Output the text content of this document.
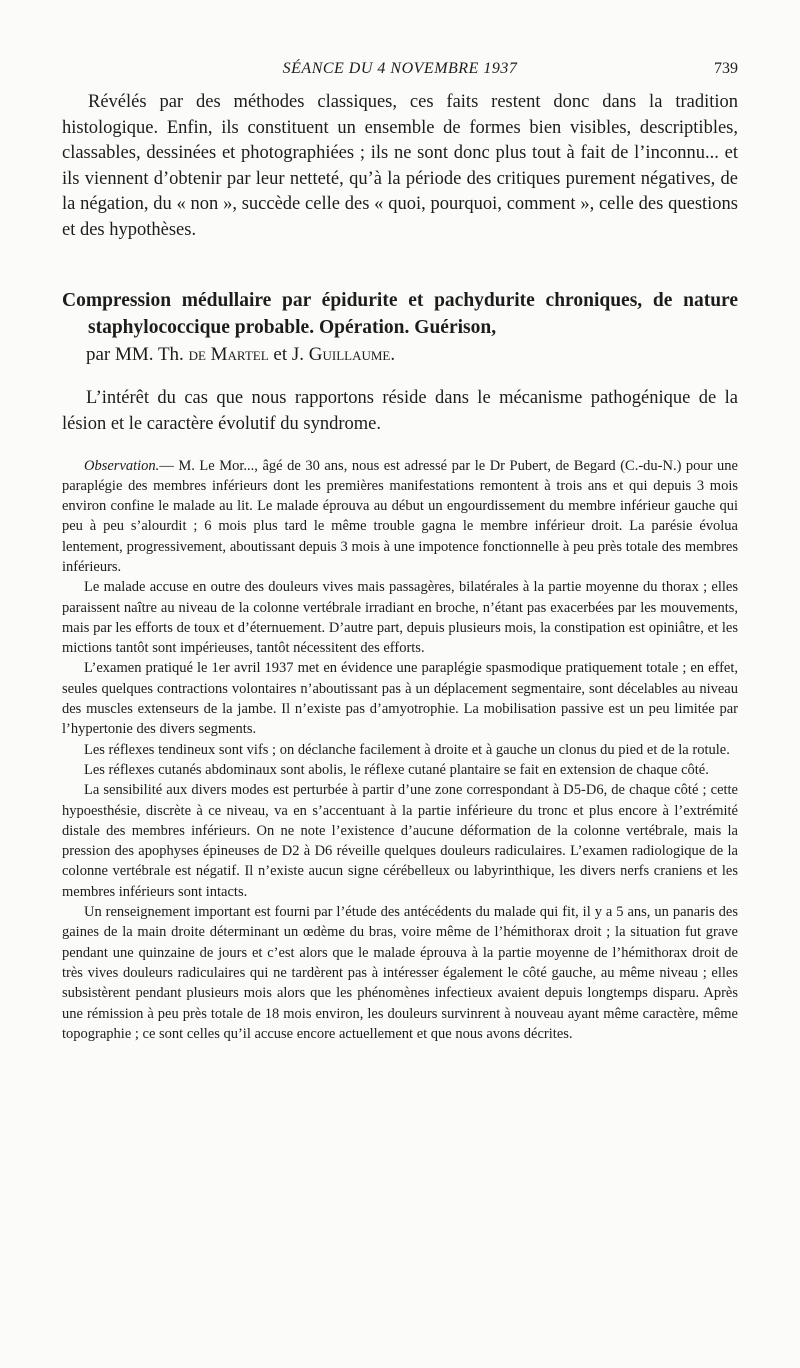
SÉANCE DU 4 NOVEMBRE 1937	739

Révélés par des méthodes classiques, ces faits restent donc dans la tradition histologique. Enfin, ils constituent un ensemble de formes bien visibles, descriptibles, classables, dessinées et photographiées ; ils ne sont donc plus tout à fait de l’inconnu... et ils viennent d’obtenir par leur netteté, qu’à la période des critiques purement négatives, de la négation, du « non », succède celle des « quoi, pourquoi, comment », celle des questions et des hypothèses.

Compression médullaire par épidurite et pachydurite chroniques, de nature staphylococcique probable. Opération. Guérison,
par MM. Th. de Martel et J. Guillaume.

L’intérêt du cas que nous rapportons réside dans le mécanisme pathogénique de la lésion et le caractère évolutif du syndrome.

Observation.— M. Le Mor..., âgé de 30 ans, nous est adressé par le Dr Pubert, de Begard (C.-du-N.) pour une paraplégie des membres inférieurs dont les premières manifestations remontent à trois ans et qui depuis 3 mois environ confine le malade au lit. Le malade éprouva au début un engourdissement du membre inférieur gauche qui peu à peu s’alourdit ; 6 mois plus tard le même trouble gagna le membre inférieur droit. La parésie évolua lentement, progressivement, aboutissant depuis 3 mois à une impotence fonctionnelle à peu près totale des membres inférieurs.

Le malade accuse en outre des douleurs vives mais passagères, bilatérales à la partie moyenne du thorax ; elles paraissent naître au niveau de la colonne vertébrale irradiant en broche, n’étant pas exacerbées par les mouvements, mais par les efforts de toux et d’éternuement. D’autre part, depuis plusieurs mois, la constipation est opiniâtre, et les mictions tantôt sont impérieuses, tantôt nécessitent des efforts.

L’examen pratiqué le 1er avril 1937 met en évidence une paraplégie spasmodique pratiquement totale ; en effet, seules quelques contractions volontaires n’aboutissant pas à un déplacement segmentaire, sont décelables au niveau des muscles extenseurs de la jambe. Il n’existe pas d’amyotrophie. La mobilisation passive est un peu limitée par l’hypertonie des divers segments.

Les réflexes tendineux sont vifs ; on déclanche facilement à droite et à gauche un clonus du pied et de la rotule.

Les réflexes cutanés abdominaux sont abolis, le réflexe cutané plantaire se fait en extension de chaque côté.

La sensibilité aux divers modes est perturbée à partir d’une zone correspondant à D5-D6, de chaque côté ; cette hypoesthésie, discrète à ce niveau, va en s’accentuant à la partie inférieure du tronc et plus encore à l’extrémité distale des membres inférieurs. On ne note l’existence d’aucune déformation de la colonne vertébrale, mais la pression des apophyses épineuses de D2 à D6 réveille quelques douleurs radiculaires. L’examen radiologique de la colonne vertébrale est négatif. Il n’existe aucun signe cérébelleux ou labyrinthique, les divers nerfs craniens et les membres inférieurs sont intacts.

Un renseignement important est fourni par l’étude des antécédents du malade qui fit, il y a 5 ans, un panaris des gaines de la main droite déterminant un œdème du bras, voire même de l’hémithorax droit ; la situation fut grave pendant une quinzaine de jours et c’est alors que le malade éprouva à la partie moyenne de l’hémithorax droit de très vives douleurs radiculaires qui ne tardèrent pas à intéresser également le côté gauche, au même niveau ; elles subsistèrent pendant plusieurs mois alors que les phénomènes infectieux avaient depuis longtemps disparu. Après une rémission à peu près totale de 18 mois environ, les douleurs survinrent à nouveau ayant même caractère, même topographie ; ce sont celles qu’il accuse encore actuellement et que nous avons décrites.
